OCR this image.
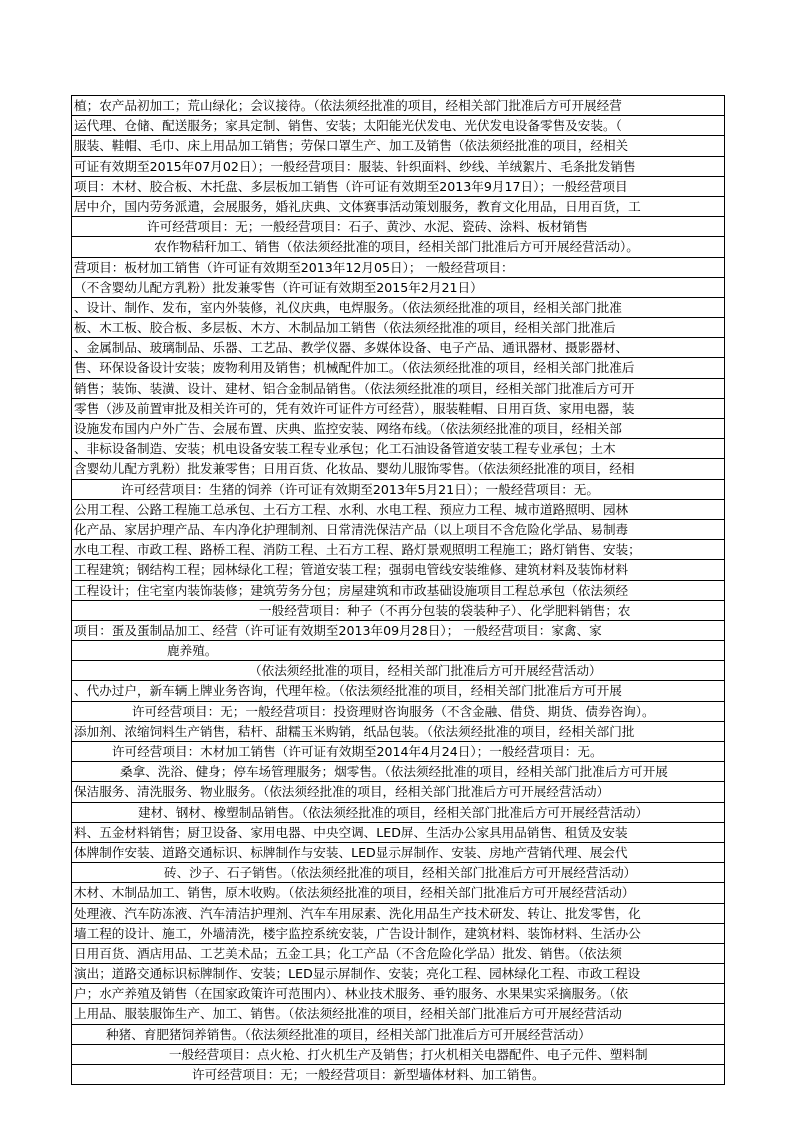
植；农产品初加工；荒山绿化；会议接待。（依法须经批准的项目，经相关部门批准后方可开展经营
运代理、仓储、配送服务；家具定制、销售、安装；太阳能光伏发电、光伏发电设备零售及安装。（
服装、鞋帽、毛巾、床上用品加工销售；劳保口罩生产、加工及销售（依法须经批准的项目，经相关
可证有效期至2015年07月02日）；一般经营项目：服装、针织面料、纱线、羊绒絮片、毛条批发销售
项目：木材、胶合板、木托盘、多层板加工销售（许可证有效期至2013年9月17日）；一般经营项目
居中介，国内劳务派遣，会展服务，婚礼庆典、文体赛事活动策划服务，教育文化用品，日用百货，工
许可经营项目：无；一般经营项目：石子、黄沙、水泥、瓷砖、涂料、板材销售
农作物秸秆加工、销售（依法须经批准的项目，经相关部门批准后方可开展经营活动）。
营项目：板材加工销售（许可证有效期至2013年12月05日）； 一般经营项目：
（不含婴幼儿配方乳粉）批发兼零售（许可证有效期至2015年2月21日）
、设计、制作、发布，室内外装修，礼仪庆典，电焊服务。（依法须经批准的项目，经相关部门批准
板、木工板、胶合板、多层板、木方、木制品加工销售（依法须经批准的项目，经相关部门批准后
、金属制品、玻璃制品、乐器、工艺品、教学仪器、多媒体设备、电子产品、通讯器材、摄影器材、
售、环保设备设计安装；废物利用及销售；机械配件加工。（依法须经批准的项目，经相关部门批准后
销售；装饰、装潢、设计、建材、铝合金制品销售。（依法须经批准的项目，经相关部门批准后方可开
零售（涉及前置审批及相关许可的，凭有效许可证件方可经营），服装鞋帽、日用百货、家用电器，装
设施发布国内户外广告、会展布置、庆典、监控安装、网络布线。（依法须经批准的项目，经相关部
、非标设备制造、安装；机电设备安装工程专业承包；化工石油设备管道安装工程专业承包；土木
含婴幼儿配方乳粉）批发兼零售；日用百货、化妆品、婴幼儿服饰零售。（依法须经批准的项目，经相
许可经营项目：生猪的饲养（许可证有效期至2013年5月21日）；一般经营项目：无。
公用工程、公路工程施工总承包、土石方工程、水利、水电工程、预应力工程、城市道路照明、园林
化产品、家居护理产品、车内净化护理制剂、日常清洗保洁产品（以上项目不含危险化学品、易制毒
水电工程、市政工程、路桥工程、消防工程、土石方工程、路灯景观照明工程施工；路灯销售、安装；
工程建筑；钢结构工程；园林绿化工程；管道安装工程；强弱电管线安装维修、建筑材料及装饰材料
工程设计；住宅室内装饰装修；建筑劳务分包；房屋建筑和市政基础设施项目工程总承包（依法须经
一般经营项目：种子（不再分包装的袋装种子）、化学肥料销售；农
项目：蛋及蛋制品加工、经营（许可证有效期至2013年09月28日）； 一般经营项目：家禽、家
鹿养殖。
（依法须经批准的项目，经相关部门批准后方可开展经营活动）
、代办过户，新车辆上牌业务咨询，代理年检。（依法须经批准的项目，经相关部门批准后方可开展
许可经营项目：无；一般经营项目：投资理财咨询服务（不含金融、借贷、期货、债券咨询）。
添加剂、浓缩饲料生产销售，秸杆、甜糯玉米购销，纸品包装。（依法须经批准的项目，经相关部门批
许可经营项目：木材加工销售（许可证有效期至2014年4月24日）；一般经营项目：无。
桑拿、洗浴、健身；停车场管理服务；烟零售。（依法须经批准的项目，经相关部门批准后方可开展
保洁服务、清洗服务、物业服务。（依法须经批准的项目，经相关部门批准后方可开展经营活动）
建材、钢材、橡塑制品销售。（依法须经批准的项目，经相关部门批准后方可开展经营活动）
料、五金材料销售；厨卫设备、家用电器、中央空调、LED屏、生活办公家具用品销售、租赁及安装
体牌制作安装、道路交通标识、标牌制作与安装、LED显示屏制作、安装、房地产营销代理、展会代
砖、沙子、石子销售。（依法须经批准的项目，经相关部门批准后方可开展经营活动）
木材、木制品加工、销售，原木收购。（依法须经批准的项目，经相关部门批准后方可开展经营活动）
处理液、汽车防冻液、汽车清洁护理剂、汽车车用尿素、洗化用品生产技术研发、转让、批发零售，化
墙工程的设计、施工，外墙清洗，楼宇监控系统安装，广告设计制作，建筑材料、装饰材料、生活办公
日用百货、酒店用品、工艺美术品；五金工具；化工产品（不含危险化学品）批发、销售。（依法须
演出；道路交通标识标牌制作、安装；LED显示屏制作、安装；亮化工程、园林绿化工程、市政工程设
户；水产养殖及销售（在国家政策许可范围内）、林业技术服务、垂钓服务、水果果实采摘服务。（依
上用品、服装服饰生产、加工、销售。（依法须经批准的项目，经相关部门批准后方可开展经营活动
种猪、育肥猪饲养销售。（依法须经批准的项目，经相关部门批准后方可开展经营活动）
一般经营项目：点火枪、打火机生产及销售；打火机相关电器配件、电子元件、塑料制
许可经营项目：无；一般经营项目：新型墙体材料、加工销售。
